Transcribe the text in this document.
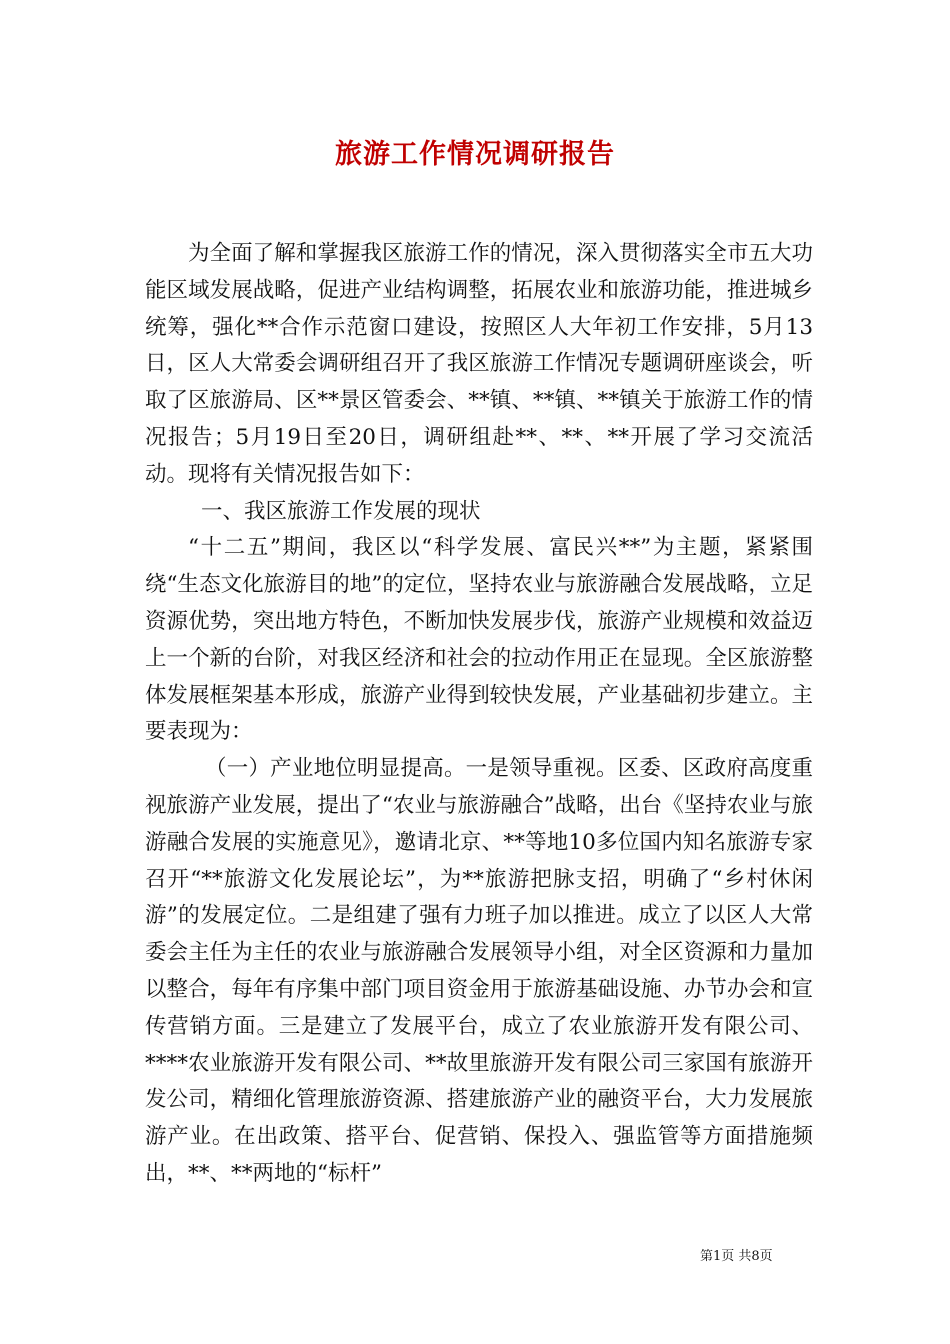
旅游工作情况调研报告

为全面了解和掌握我区旅游工作的情况，深入贯彻落实全市五大功能区域发展战略，促进产业结构调整，拓展农业和旅游功能，推进城乡统筹，强化**合作示范窗口建设，按照区人大年初工作安排，5月13日，区人大常委会调研组召开了我区旅游工作情况专题调研座谈会，听取了区旅游局、区**景区管委会、**镇、**镇、**镇关于旅游工作的情况报告；5月19日至20日，调研组赴**、**、**开展了学习交流活动。现将有关情况报告如下：

一、我区旅游工作发展的现状

“十二五”期间，我区以“科学发展、富民兴**”为主题，紧紧围绕“生态文化旅游目的地”的定位，坚持农业与旅游融合发展战略，立足资源优势，突出地方特色，不断加快发展步伐，旅游产业规模和效益迈上一个新的台阶，对我区经济和社会的拉动作用正在显现。全区旅游整体发展框架基本形成，旅游产业得到较快发展，产业基础初步建立。主要表现为：

（一）产业地位明显提高。一是领导重视。区委、区政府高度重视旅游产业发展，提出了“农业与旅游融合”战略，出台《坚持农业与旅游融合发展的实施意见》，邀请北京、**等地10多位国内知名旅游专家召开“**旅游文化发展论坛”，为**旅游把脉支招，明确了“乡村休闲游”的发展定位。二是组建了强有力班子加以推进。成立了以区人大常委会主任为主任的农业与旅游融合发展领导小组，对全区资源和力量加以整合，每年有序集中部门项目资金用于旅游基础设施、办节办会和宣传营销方面。三是建立了发展平台，成立了农业旅游开发有限公司、****农业旅游开发有限公司、**故里旅游开发有限公司三家国有旅游开发公司，精细化管理旅游资源、搭建旅游产业的融资平台，大力发展旅游产业。在出政策、搭平台、促营销、保投入、强监管等方面措施频出，**、**两地的“标杆”

第1页 共8页
